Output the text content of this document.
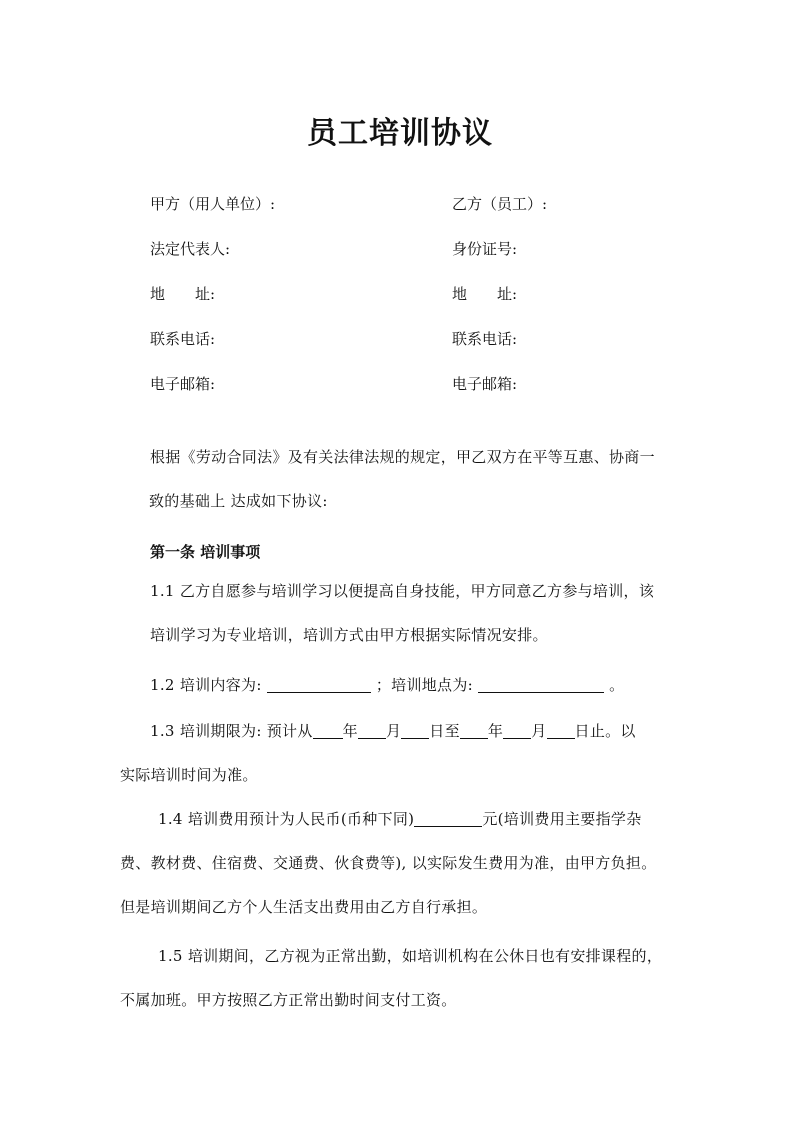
员工培训协议
甲方（用人单位）:	乙方（员工）:
法定代表人:	身份证号:
地　　址:	地　　址:
联系电话:	联系电话:
电子邮箱:	电子邮箱:
根据《劳动合同法》及有关法律法规的规定，甲乙双方在平等互惠、协商一
致的基础上 达成如下协议:
第一条 培训事项
1.1 乙方自愿参与培训学习以便提高自身技能，甲方同意乙方参与培训，该
培训学习为专业培训，培训方式由甲方根据实际情况安排。
1.2 培训内容为:	；培训地点为:	。
1.3 培训期限为: 预计从 年 月 日至 年 月 日止。以
实际培训时间为准。
1.4 培训费用预计为人民币(币种下同)	元(培训费用主要指学杂
费、教材费、住宿费、交通费、伙食费等), 以实际发生费用为准，由甲方负担。
但是培训期间乙方个人生活支出费用由乙方自行承担。
1.5 培训期间，乙方视为正常出勤，如培训机构在公休日也有安排课程的，
不属加班。甲方按照乙方正常出勤时间支付工资。
